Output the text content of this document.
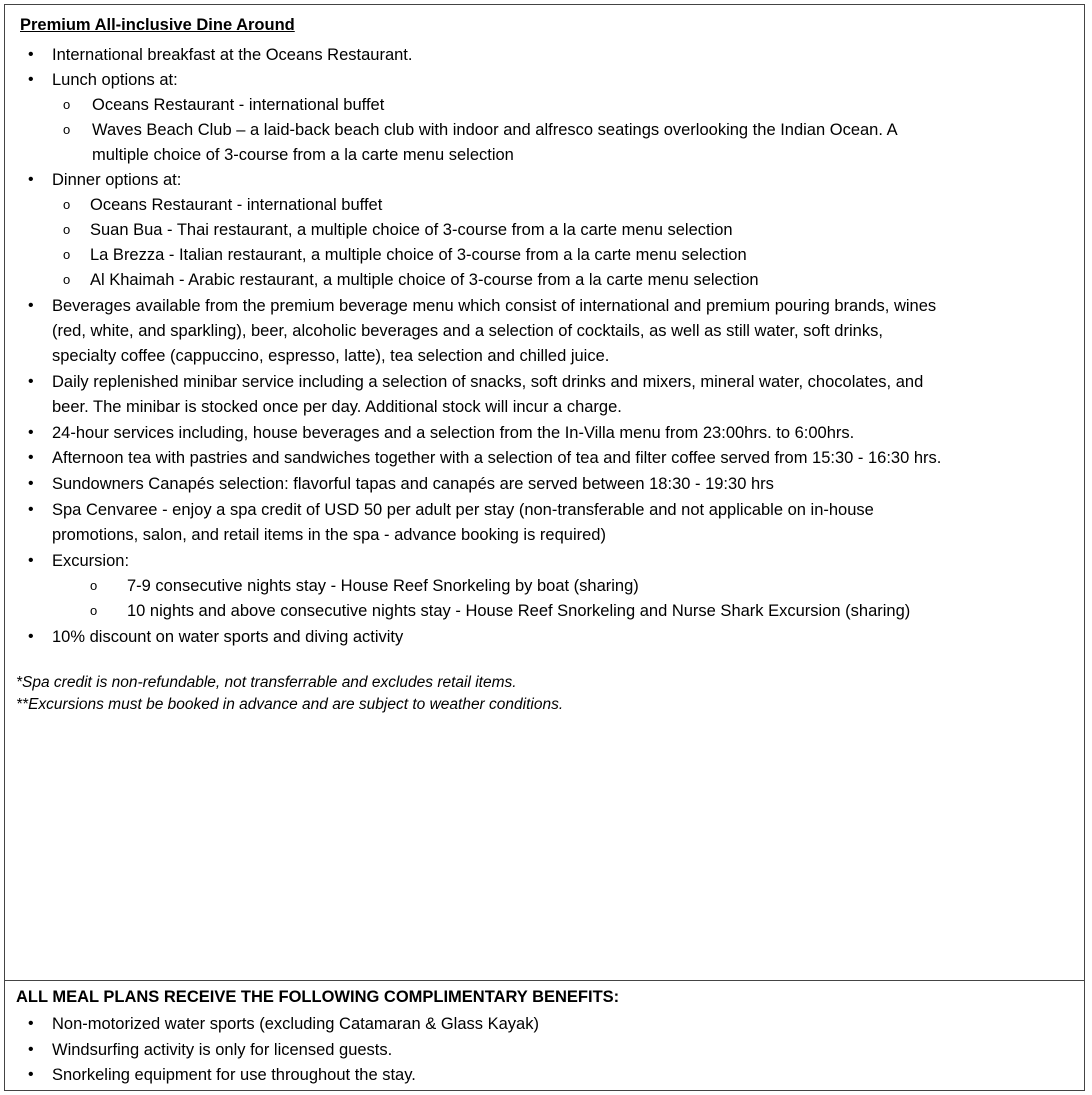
Premium All-inclusive Dine Around
• International breakfast at the Oceans Restaurant.
• Lunch options at:
o Oceans Restaurant - international buffet
o Waves Beach Club – a laid-back beach club with indoor and alfresco seatings overlooking the Indian Ocean. A
multiple choice of 3-course from a la carte menu selection
• Dinner options at:
o Oceans Restaurant - international buffet
o Suan Bua - Thai restaurant, a multiple choice of 3-course from a la carte menu selection
o La Brezza - Italian restaurant, a multiple choice of 3-course from a la carte menu selection
o Al Khaimah - Arabic restaurant, a multiple choice of 3-course from a la carte menu selection
• Beverages available from the premium beverage menu which consist of international and premium pouring brands, wines
(red, white, and sparkling), beer, alcoholic beverages and a selection of cocktails, as well as still water, soft drinks,
specialty coffee (cappuccino, espresso, latte), tea selection and chilled juice.
• Daily replenished minibar service including a selection of snacks, soft drinks and mixers, mineral water, chocolates, and
beer. The minibar is stocked once per day. Additional stock will incur a charge.
• 24-hour services including, house beverages and a selection from the In-Villa menu from 23:00hrs. to 6:00hrs.
• Afternoon tea with pastries and sandwiches together with a selection of tea and filter coffee served from 15:30 - 16:30 hrs.
• Sundowners Canapés selection: flavorful tapas and canapés are served between 18:30 - 19:30 hrs
• Spa Cenvaree - enjoy a spa credit of USD 50 per adult per stay (non-transferable and not applicable on in-house
promotions, salon, and retail items in the spa - advance booking is required)
• Excursion:
o 7-9 consecutive nights stay - House Reef Snorkeling by boat (sharing)
o 10 nights and above consecutive nights stay - House Reef Snorkeling and Nurse Shark Excursion (sharing)
• 10% discount on water sports and diving activity
*Spa credit is non-refundable, not transferrable and excludes retail items.
**Excursions must be booked in advance and are subject to weather conditions.
ALL MEAL PLANS RECEIVE THE FOLLOWING COMPLIMENTARY BENEFITS:
• Non-motorized water sports (excluding Catamaran & Glass Kayak)
• Windsurfing activity is only for licensed guests.
• Snorkeling equipment for use throughout the stay.
